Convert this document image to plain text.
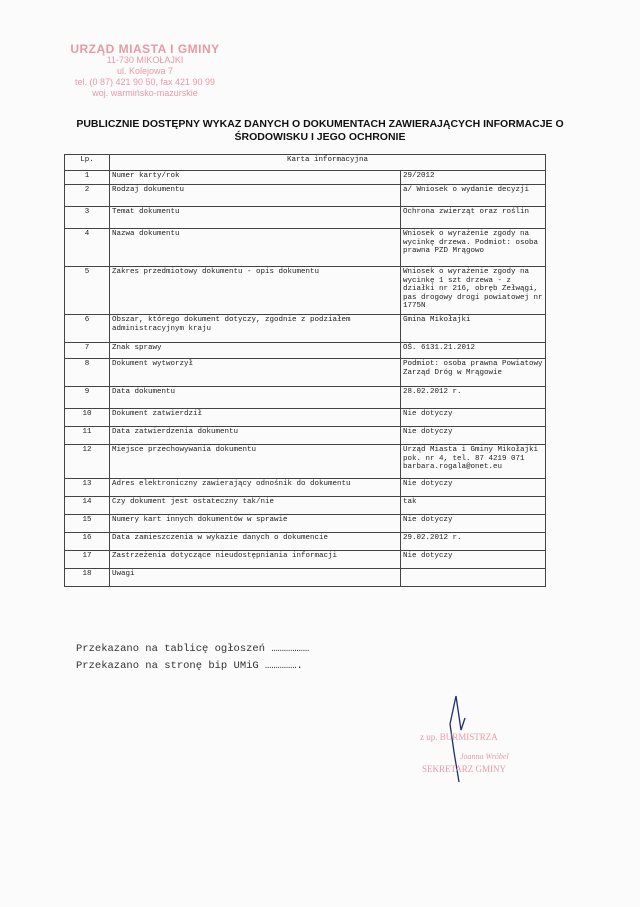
URZĄD MIASTA I GMINY
11-730 MIKOŁAJKI
ul. Kolejowa 7
tel. (0 87) 421 90 50, fax 421 90 99
woj. warmińsko-mazurskie
PUBLICZNIE DOSTĘPNY WYKAZ DANYCH O DOKUMENTACH ZAWIERAJĄCYCH INFORMACJE O
ŚRODOWISKU I JEGO OCHRONIE
Lp.	Karta informacyjna	
1	Numer karty/rok	29/2012
2	Rodzaj dokumentu	a/ Wniosek o wydanie decyzji
3	Temat dokumentu	Ochrona zwierząt oraz roślin
4	Nazwa dokumentu	Wniosek o wyrażenie zgody na wycinkę drzewa. Podmiot: osoba prawna PZD Mrągowo
5	Zakres przedmiotowy dokumentu - opis dokumentu	Wniosek o wyrażenie zgody na wycinkę 1 szt drzewa - z działki nr 216, obręb Zełwągi, pas drogowy drogi powiatowej nr 1775N
6	Obszar, którego dokument dotyczy, zgodnie z podziałem administracyjnym kraju	Gmina Mikołajki
7	Znak sprawy	OŚ. 6131.21.2012
8	Dokument wytworzył	Podmiot: osoba prawna Powiatowy Zarząd Dróg w Mrągowie
9	Data dokumentu	28.02.2012 r.
10	Dokument zatwierdził	Nie dotyczy
11	Data zatwierdzenia dokumentu	Nie dotyczy
12	Miejsce przechowywania dokumentu	Urząd Miasta i Gminy Mikołajki pok. nr 4, tel. 87 4219 071 barbara.rogala@onet.eu
13	Adres elektroniczny zawierający odnośnik do dokumentu	Nie dotyczy
14	Czy dokument jest ostateczny tak/nie	tak
15	Numery kart innych dokumentów w sprawie	Nie dotyczy
16	Data zamieszczenia w wykazie danych o dokumencie	29.02.2012 r.
17	Zastrzeżenia dotyczące nieudostępniania informacji	Nie dotyczy
18	Uwagi	
Przekazano na tablicę ogłoszeń ………………
Przekazano na stronę bip UMiG …………….
z up. BURMISTRZA
Joanna Wróbel
SEKRETARZ GMINY
